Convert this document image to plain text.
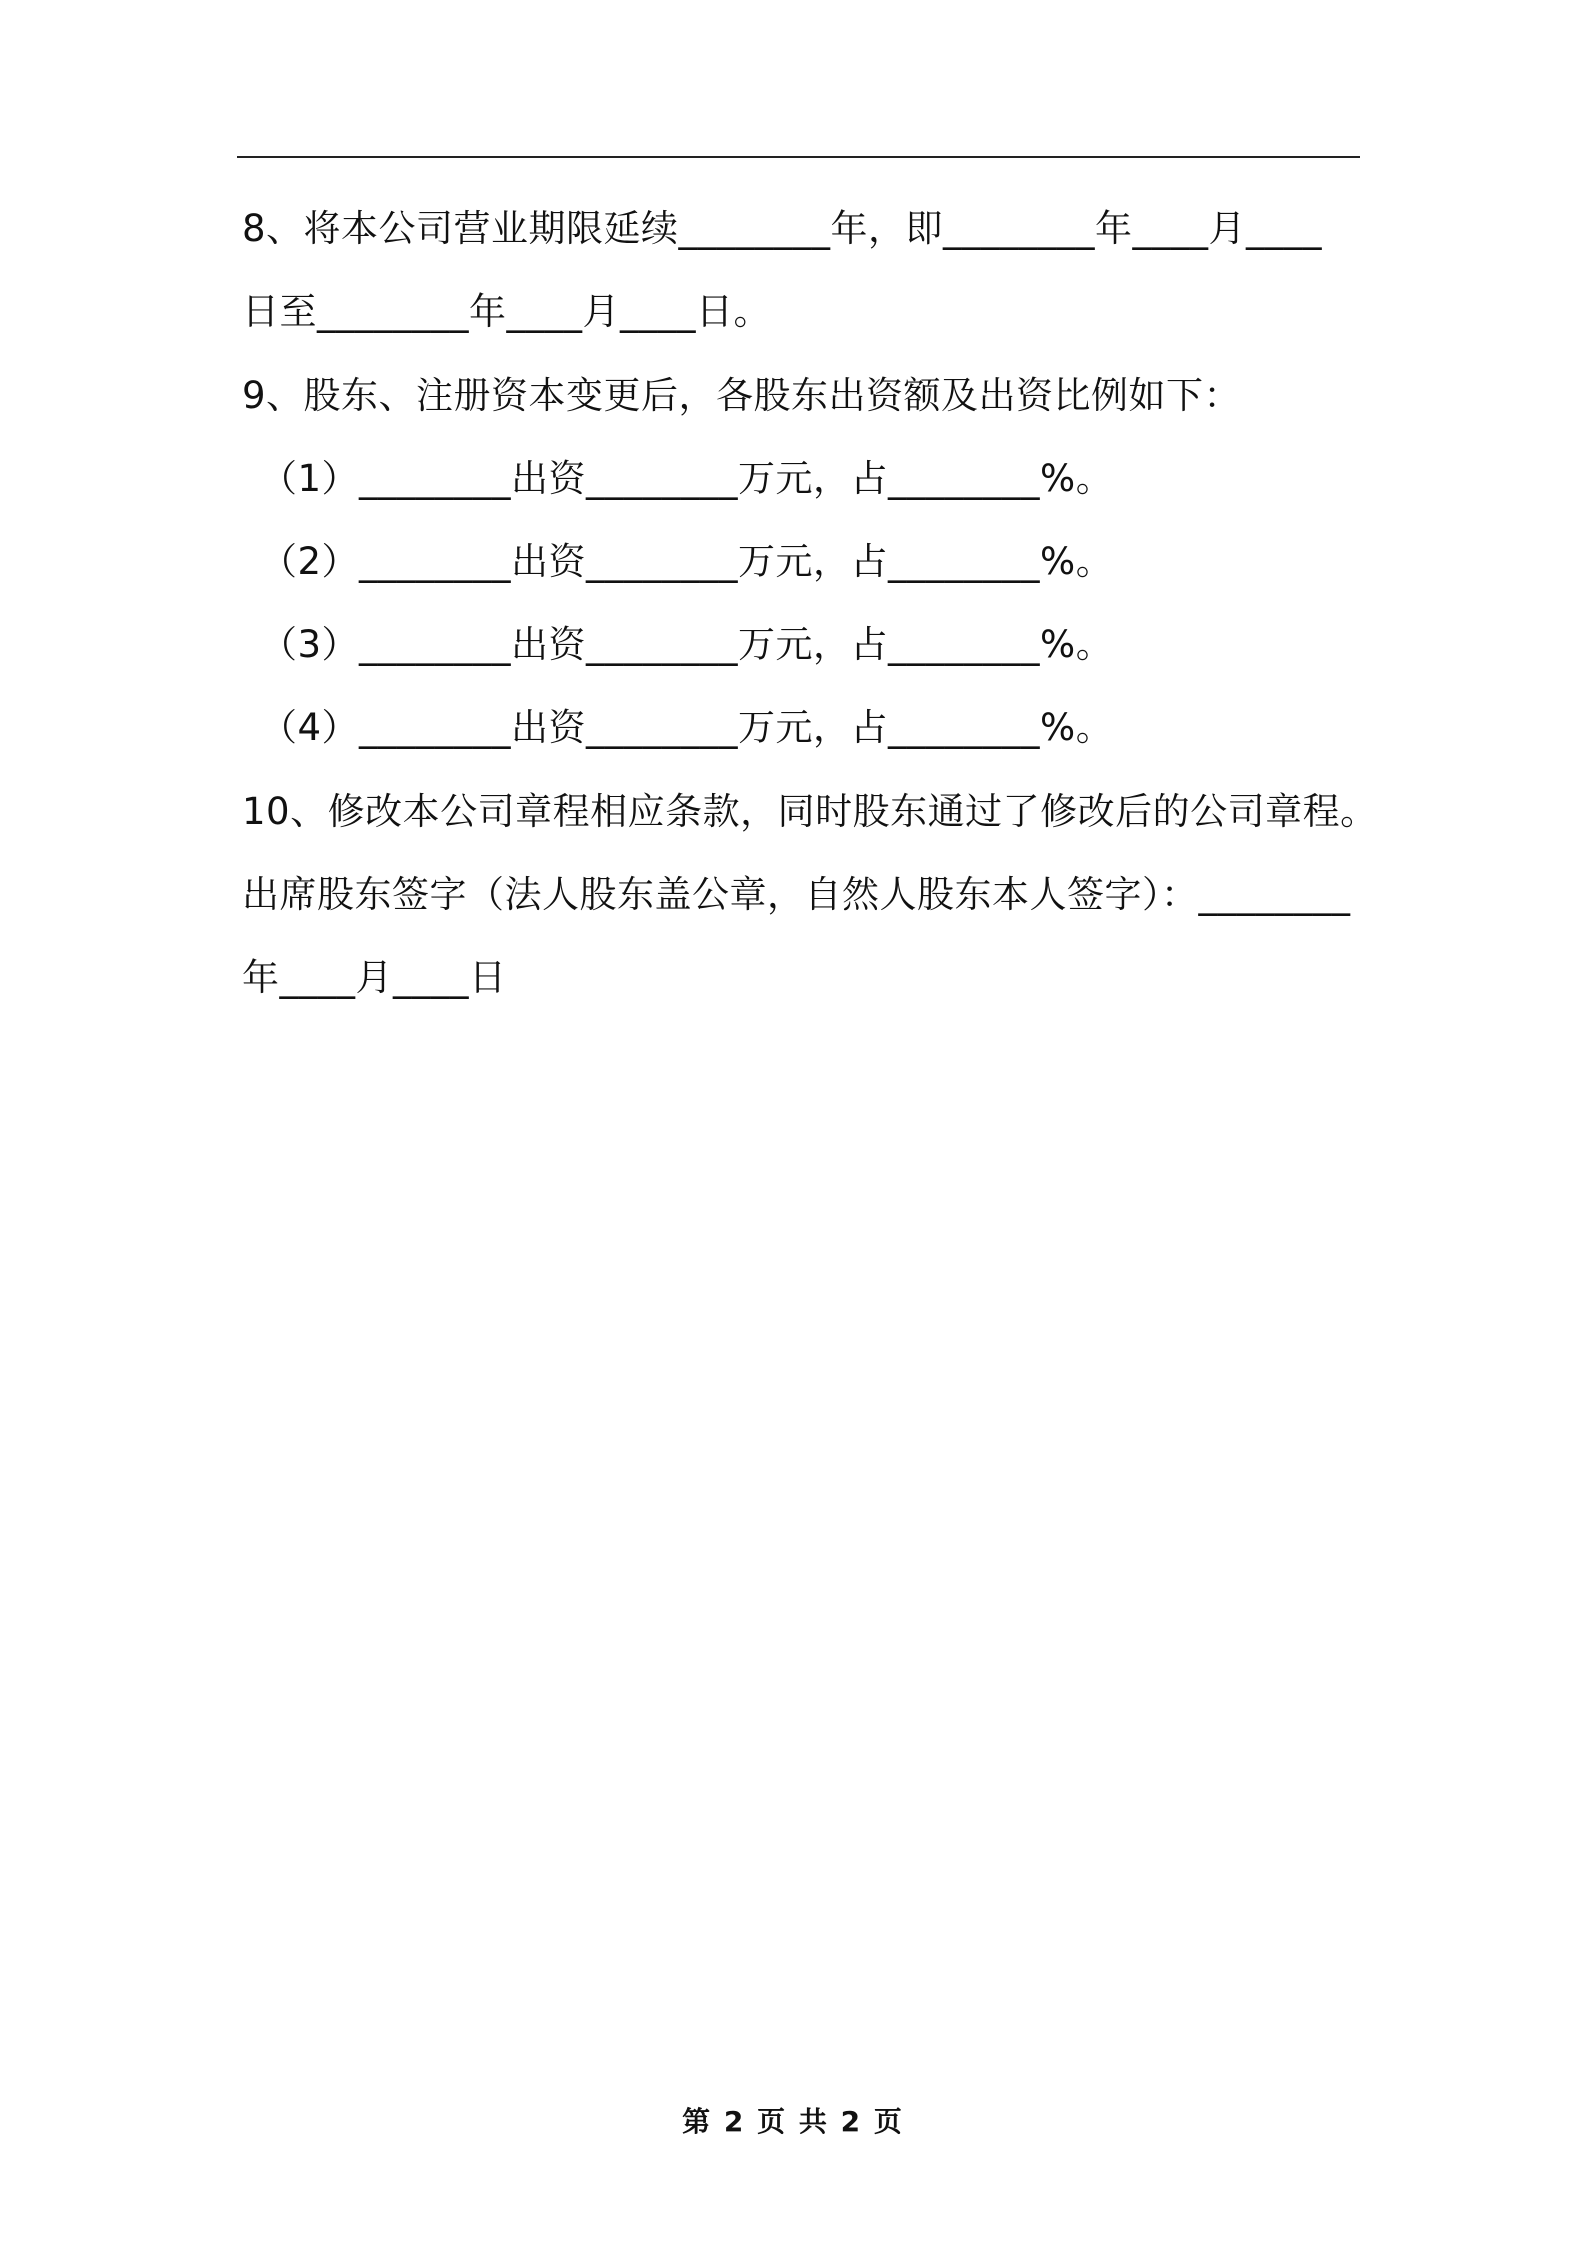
8、将本公司营业期限延续________年，即________年____月____
日至________年____月____日。
9、股东、注册资本变更后，各股东出资额及出资比例如下：
（1）________出资________万元，占________%。
（2）________出资________万元，占________%。
（3）________出资________万元，占________%。
（4）________出资________万元，占________%。
10、修改本公司章程相应条款，同时股东通过了修改后的公司章程。
出席股东签字（法人股东盖公章，自然人股东本人签字）：________
年____月____日
第 2 页 共 2 页
